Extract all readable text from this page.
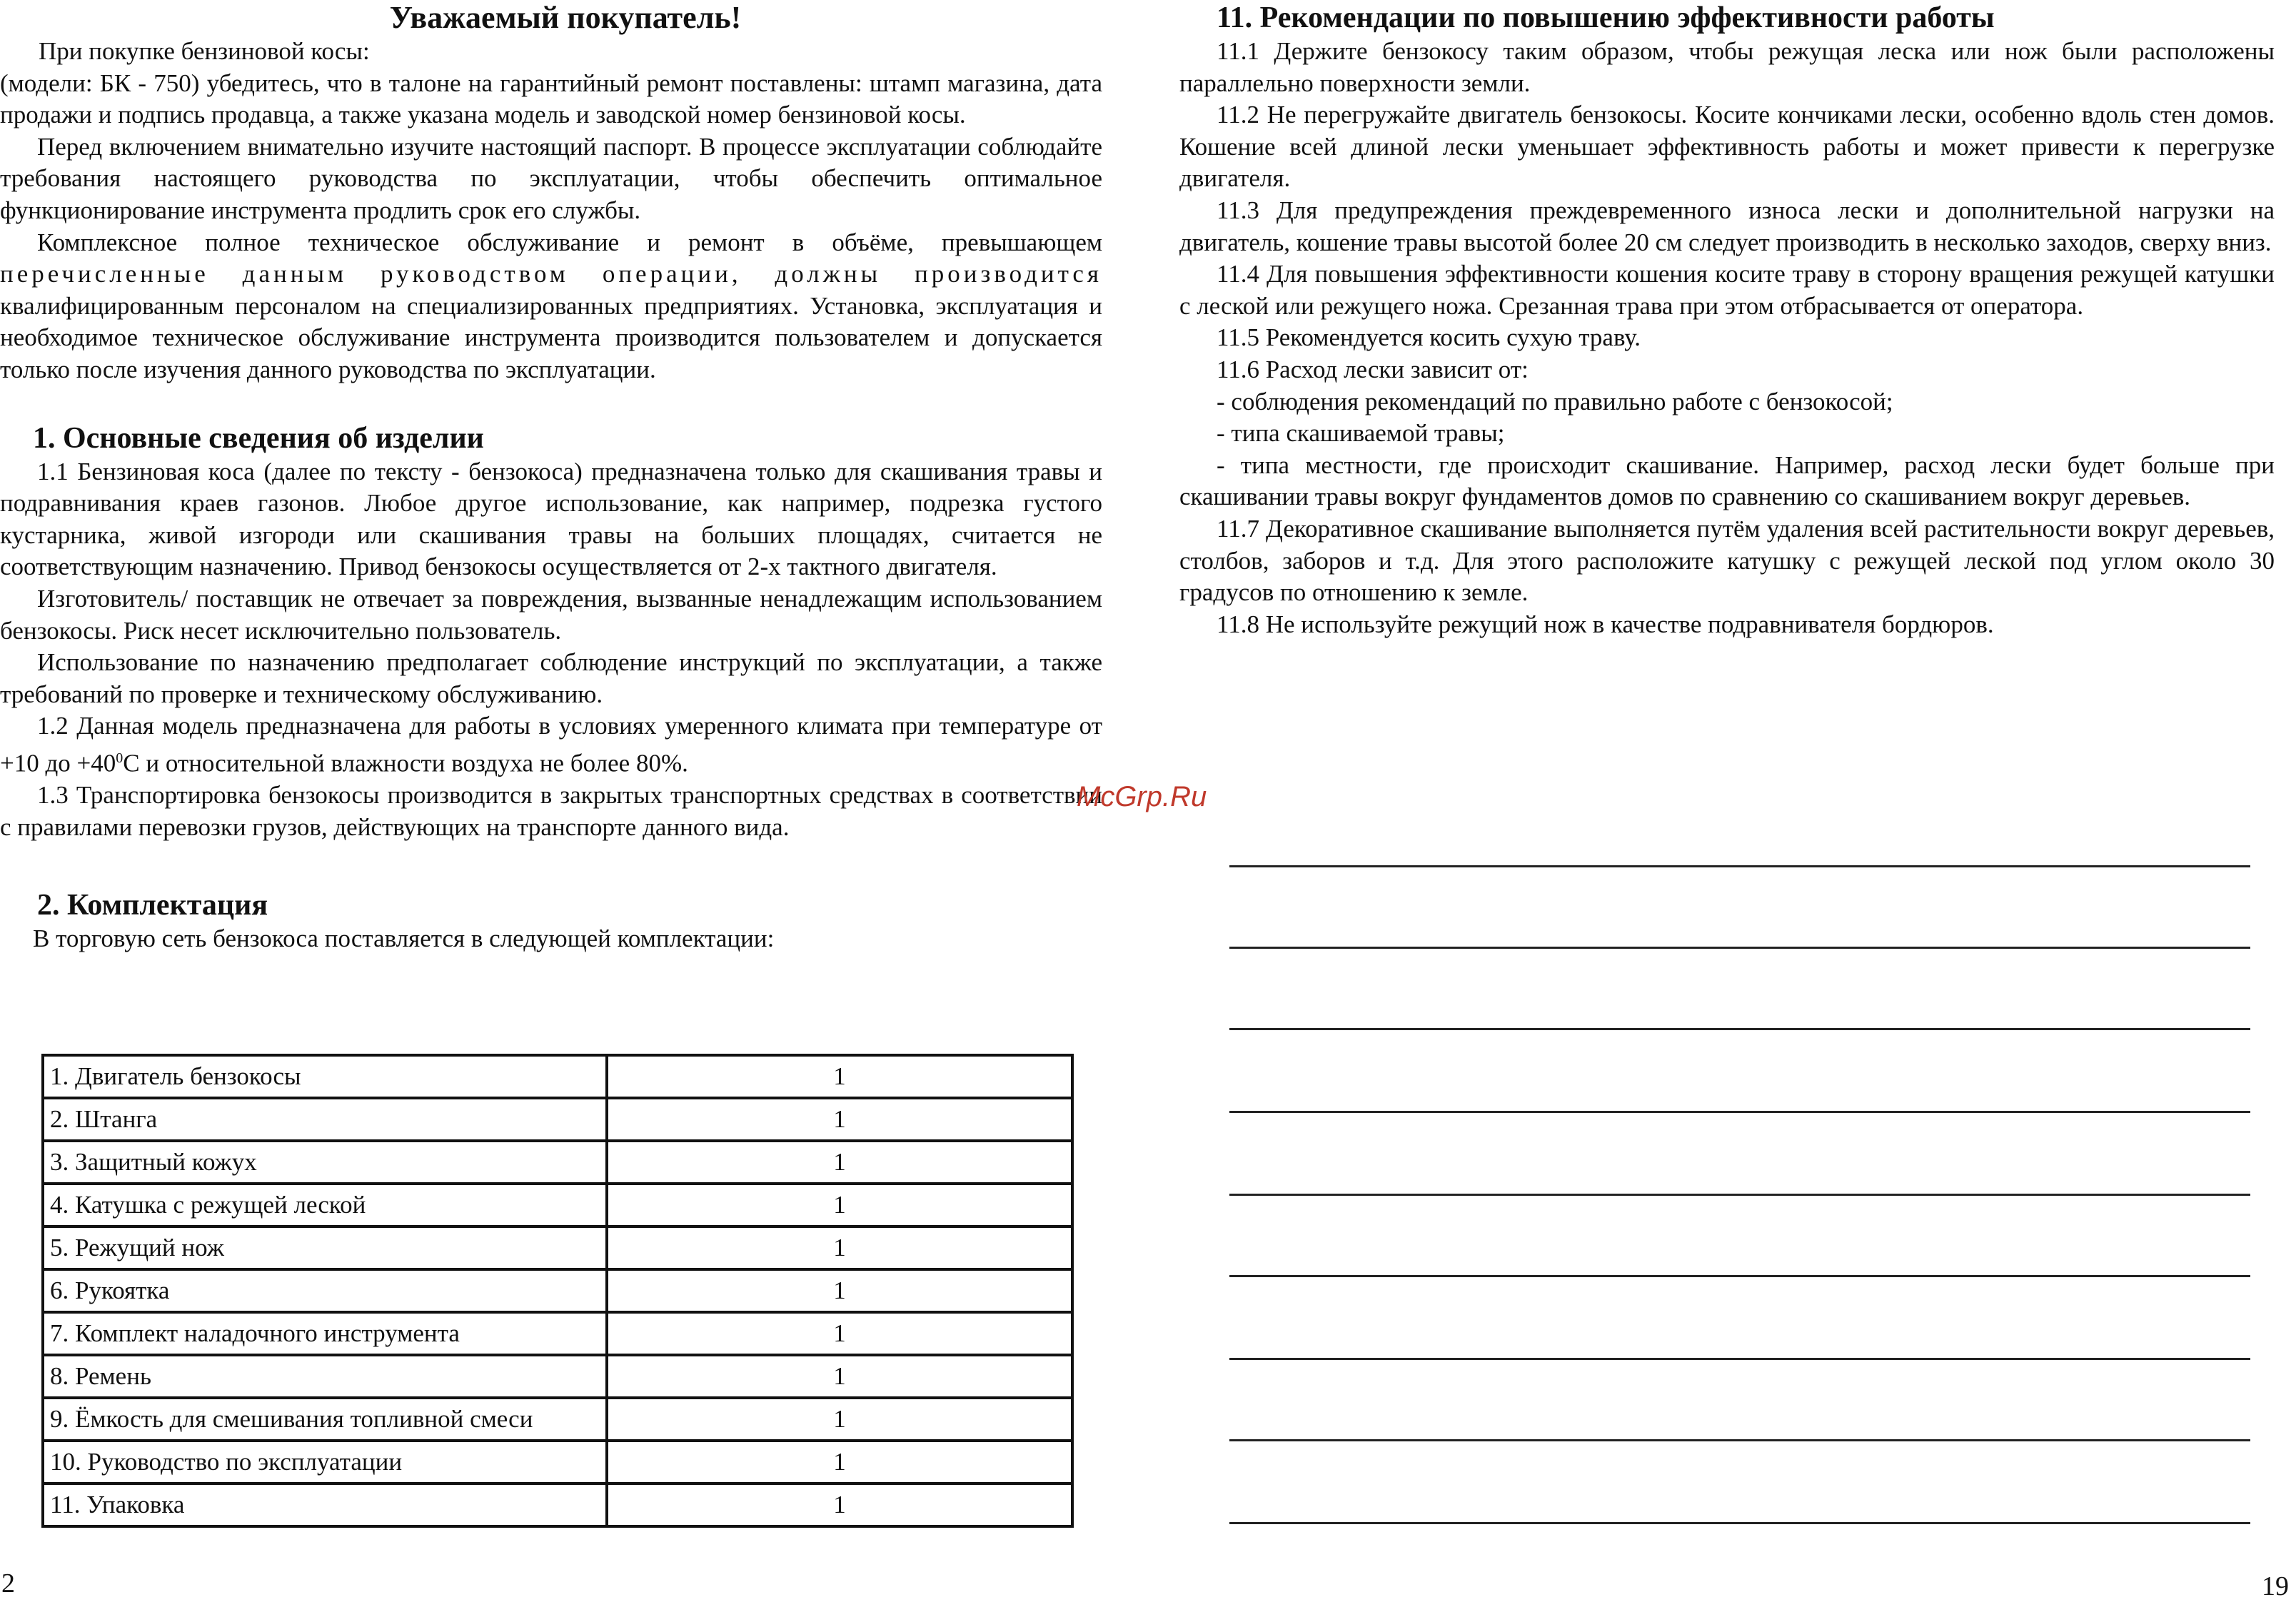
Уважаемый покупатель!

При покупке бензиновой косы:

(модели: БК - 750) убедитесь, что в талоне на гарантийный ремонт поставлены: штамп магазина, дата продажи и подпись продавца, а также указана модель и заводской номер бензиновой косы.

Перед включением внимательно изучите настоящий паспорт. В процессе эксплуатации соблюдайте требования настоящего руководства по эксплуатации, чтобы обеспечить оптимальное функционирование инструмента продлить срок его службы.

Комплексное полное техническое обслуживание и ремонт в объёме, превышающем

перечисленные данным руководством операции, должны производится

квалифицированным персоналом на специализированных предприятиях. Установка, эксплуатация и необходимое техническое обслуживание инструмента производится пользователем и допускается только после изучения данного руководства по эксплуатации.

1. Основные сведения об изделии

1.1 Бензиновая коса (далее по тексту - бензокоса) предназначена только для скашивания травы и подравнивания краев газонов. Любое другое использование, как например, подрезка густого кустарника, живой изгороди или скашивания травы на больших площадях, считается не соответствующим назначению. Привод бензокосы осуществляется от 2-х тактного двигателя.

Изготовитель/ поставщик не отвечает за повреждения, вызванные ненадлежащим использованием бензокосы. Риск несет исключительно пользователь.

Использование по назначению предполагает соблюдение инструкций по эксплуатации, а также требований по проверке и техническому обслуживанию.

1.2 Данная модель предназначена для работы в условиях умеренного климата при температуре от +10 до $+40^0С$ и относительной влажности воздуха не более 80%.

1.3 Транспортировка бензокосы производится в закрытых транспортных средствах в соответствии с правилами перевозки грузов, действующих на транспорте данного вида.

2. Комплектация

В торговую сеть бензокоса поставляется в следующей комплектации:

1. Двигатель бензокосы	1
2. Штанга	1
3. Защитный кожух	1
4. Катушка с режущей леской	1
5. Режущий нож	1
6. Рукоятка	1
7. Комплект наладочного инструмента	1
8. Ремень	1
9. Ёмкость для смешивания топливной смеси	1
10. Руководство по эксплуатации	1
11. Упаковка	1
2
11. Рекомендации по повышению эффективности работы

11.1 Держите бензокосу таким образом, чтобы режущая леска или нож были расположены параллельно поверхности земли.

11.2 Не перегружайте двигатель бензокосы. Косите кончиками лески, особенно вдоль стен домов. Кошение всей длиной лески уменьшает эффективность работы и может привести к перегрузке двигателя.

11.3 Для предупреждения преждевременного износа лески и дополнительной нагрузки на двигатель, кошение травы высотой более 20 см следует производить в несколько заходов, сверху вниз.

11.4 Для повышения эффективности кошения косите траву в сторону вращения режущей катушки с леской или режущего ножа. Срезанная трава при этом отбрасывается от оператора.

11.5 Рекомендуется косить сухую траву.

11.6 Расход лески зависит от:

- соблюдения рекомендаций по правильно работе с бензокосой;

- типа скашиваемой травы;

- типа местности, где происходит скашивание. Например, расход лески будет больше при скашивании травы вокруг фундаментов домов по сравнению со скашиванием вокруг деревьев.

11.7 Декоративное скашивание выполняется путём удаления всей растительности вокруг деревьев, столбов, заборов и т.д. Для этого расположите катушку с режущей леской под углом около 30 градусов по отношению к земле.

11.8 Не используйте режущий нож в качестве подравнивателя бордюров.

19
McGrp.Ru
